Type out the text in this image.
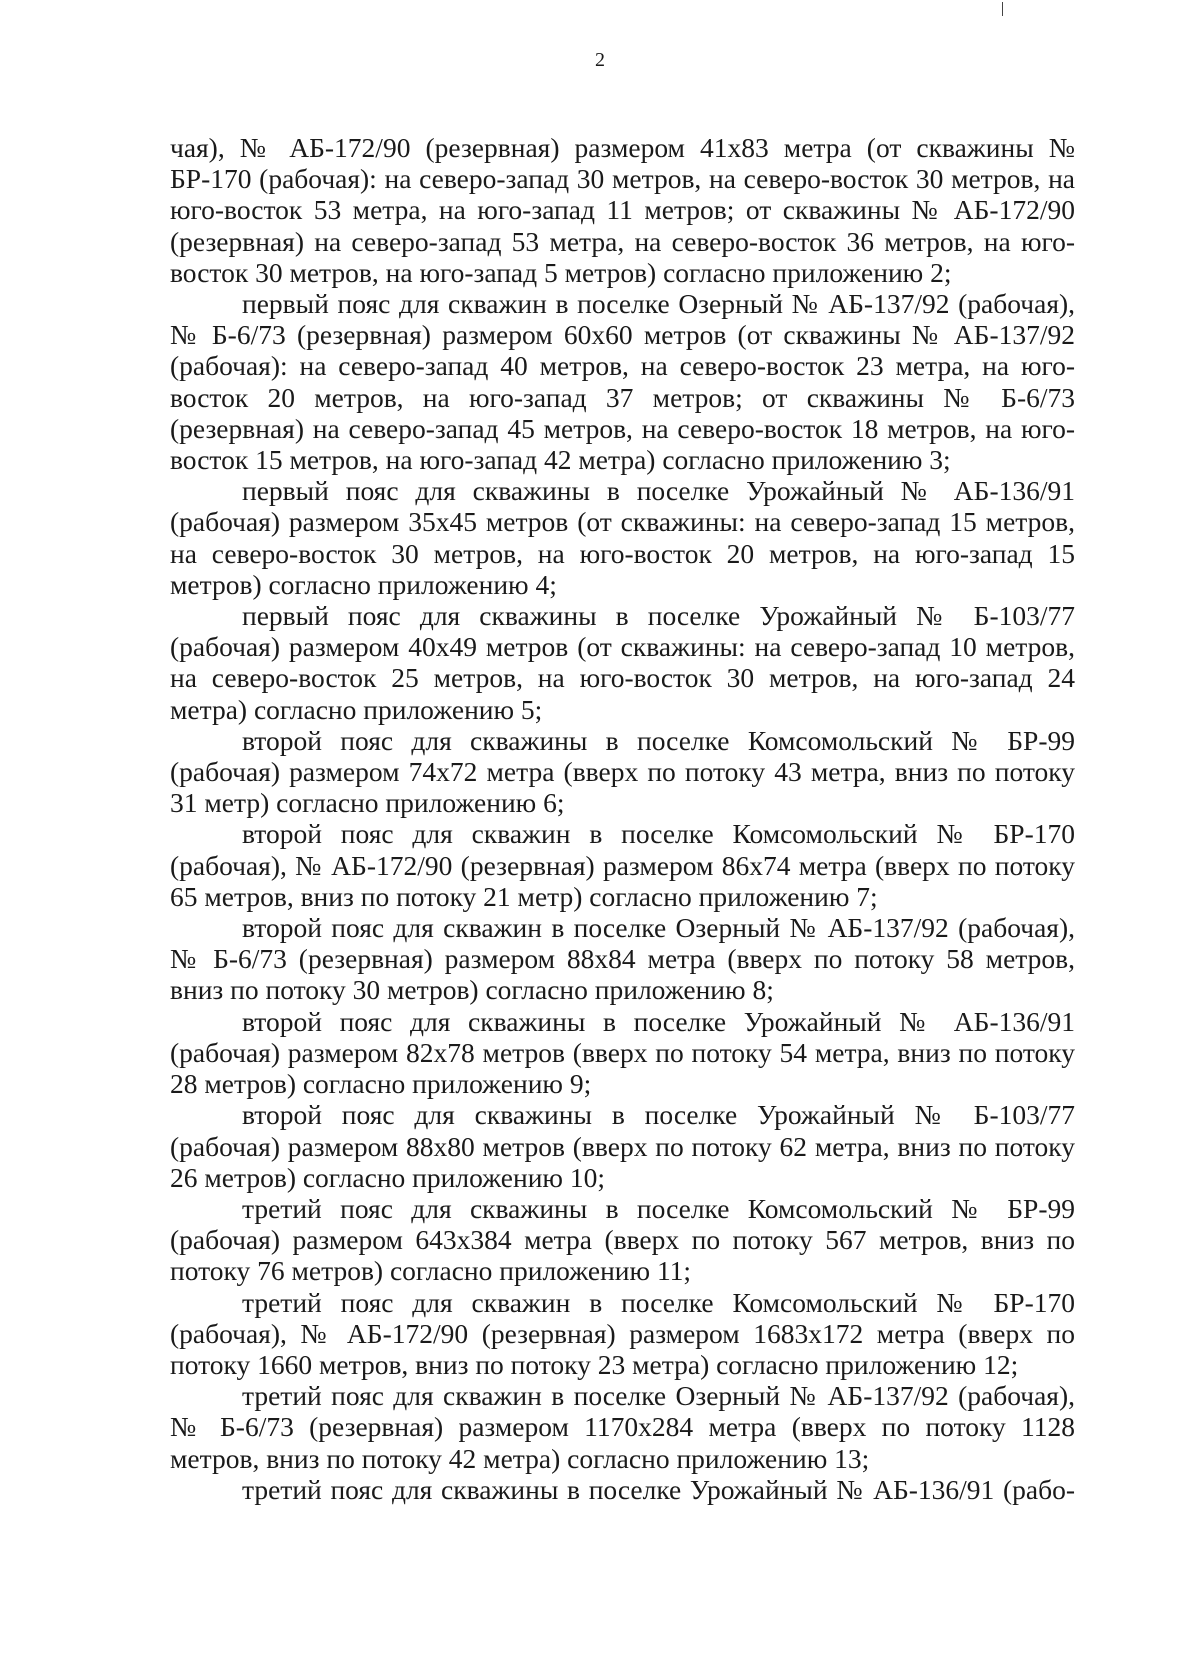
2

чая), № АБ-172/90 (резервная) размером 41x83 метра (от скважины № БР-170 (рабочая): на северо-запад 30 метров, на северо-восток 30 метров, на юго-восток 53 метра, на юго-запад 11 метров; от скважины № АБ-172/90 (резервная) на северо-запад 53 метра, на северо-восток 36 метров, на юго-восток 30 метров, на юго-запад 5 метров) согласно приложению 2;

первый пояс для скважин в поселке Озерный № АБ-137/92 (рабочая), № Б-6/73 (резервная) размером 60x60 метров (от скважины № АБ-137/92 (рабочая): на северо-запад 40 метров, на северо-восток 23 метра, на юго-восток 20 метров, на юго-запад 37 метров; от скважины № Б-6/73 (резервная) на северо-запад 45 метров, на северо-восток 18 метров, на юго-восток 15 метров, на юго-запад 42 метра) согласно приложению 3;

первый пояс для скважины в поселке Урожайный № АБ-136/91 (рабочая) размером 35x45 метров (от скважины: на северо-запад 15 метров, на северо-восток 30 метров, на юго-восток 20 метров, на юго-запад 15 метров) согласно приложению 4;

первый пояс для скважины в поселке Урожайный № Б-103/77 (рабочая) размером 40x49 метров (от скважины: на северо-запад 10 метров, на северо-восток 25 метров, на юго-восток 30 метров, на юго-запад 24 метра) согласно приложению 5;

второй пояс для скважины в поселке Комсомольский № БР-99 (рабочая) размером 74x72 метра (вверх по потоку 43 метра, вниз по потоку 31 метр) согласно приложению 6;

второй пояс для скважин в поселке Комсомольский № БР-170 (рабочая), № АБ-172/90 (резервная) размером 86x74 метра (вверх по потоку 65 метров, вниз по потоку 21 метр) согласно приложению 7;

второй пояс для скважин в поселке Озерный № АБ-137/92 (рабочая), № Б-6/73 (резервная) размером 88x84 метра (вверх по потоку 58 метров, вниз по потоку 30 метров) согласно приложению 8;

второй пояс для скважины в поселке Урожайный № АБ-136/91 (рабочая) размером 82x78 метров (вверх по потоку 54 метра, вниз по потоку 28 метров) согласно приложению 9;

второй пояс для скважины в поселке Урожайный № Б-103/77 (рабочая) размером 88x80 метров (вверх по потоку 62 метра, вниз по потоку 26 метров) согласно приложению 10;

третий пояс для скважины в поселке Комсомольский № БР-99 (рабочая) размером 643x384 метра (вверх по потоку 567 метров, вниз по потоку 76 метров) согласно приложению 11;

третий пояс для скважин в поселке Комсомольский № БР-170 (рабочая), № АБ-172/90 (резервная) размером 1683x172 метра (вверх по потоку 1660 метров, вниз по потоку 23 метра) согласно приложению 12;

третий пояс для скважин в поселке Озерный № АБ-137/92 (рабочая), № Б-6/73 (резервная) размером 1170x284 метра (вверх по потоку 1128 метров, вниз по потоку 42 метра) согласно приложению 13;

третий пояс для скважины в поселке Урожайный № АБ-136/91 (рабо-
